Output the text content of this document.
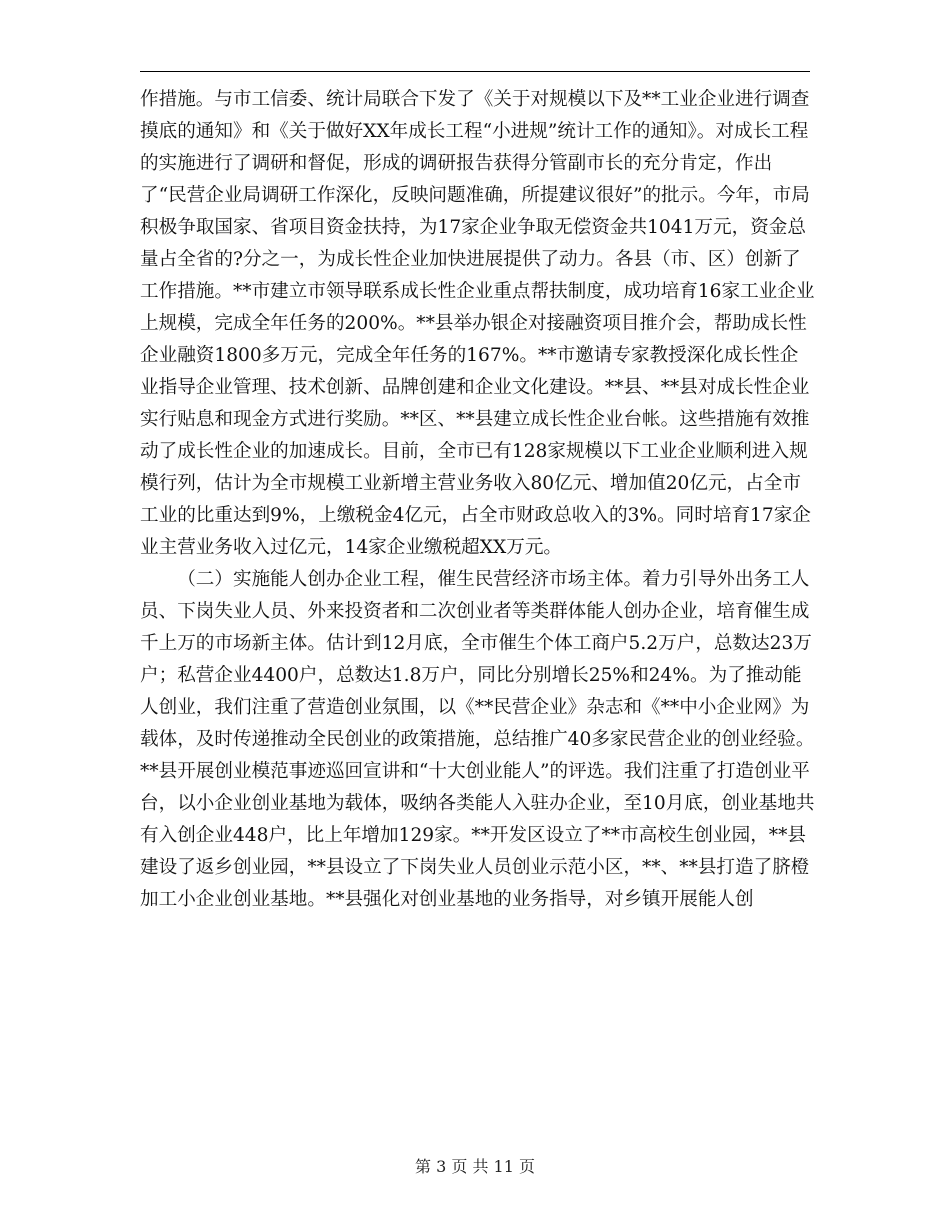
作措施。与市工信委、统计局联合下发了《关于对规模以下及**工业企业进行调查摸底的通知》和《关于做好XX年成长工程“小进规”统计工作的通知》。对成长工程的实施进行了调研和督促，形成的调研报告获得分管副市长的充分肯定，作出了“民营企业局调研工作深化，反映问题准确，所提建议很好”的批示。今年，市局积极争取国家、省项目资金扶持，为17家企业争取无偿资金共1041万元，资金总量占全省的?分之一，为成长性企业加快进展提供了动力。各县（市、区）创新了工作措施。**市建立市领导联系成长性企业重点帮扶制度，成功培育16家工业企业上规模，完成全年任务的200%。**县举办银企对接融资项目推介会，帮助成长性企业融资1800多万元，完成全年任务的167%。**市邀请专家教授深化成长性企业指导企业管理、技术创新、品牌创建和企业文化建设。**县、**县对成长性企业实行贴息和现金方式进行奖励。**区、**县建立成长性企业台帐。这些措施有效推动了成长性企业的加速成长。目前，全市已有128家规模以下工业企业顺利进入规模行列，估计为全市规模工业新增主营业务收入80亿元、增加值20亿元，占全市工业的比重达到9%，上缴税金4亿元，占全市财政总收入的3%。同时培育17家企业主营业务收入过亿元，14家企业缴税超XX万元。

（二）实施能人创办企业工程，催生民营经济市场主体。着力引导外出务工人员、下岗失业人员、外来投资者和二次创业者等类群体能人创办企业，培育催生成千上万的市场新主体。估计到12月底，全市催生个体工商户5.2万户，总数达23万户；私营企业4400户，总数达1.8万户，同比分别增长25%和24%。为了推动能人创业，我们注重了营造创业氛围，以《**民营企业》杂志和《**中小企业网》为载体，及时传递推动全民创业的政策措施，总结推广40多家民营企业的创业经验。**县开展创业模范事迹巡回宣讲和“十大创业能人”的评选。我们注重了打造创业平台，以小企业创业基地为载体，吸纳各类能人入驻办企业，至10月底，创业基地共有入创企业448户，比上年增加129家。**开发区设立了**市高校生创业园，**县建设了返乡创业园，**县设立了下岗失业人员创业示范小区，**、**县打造了脐橙加工小企业创业基地。**县强化对创业基地的业务指导，对乡镇开展能人创

第 3 页 共 11 页
